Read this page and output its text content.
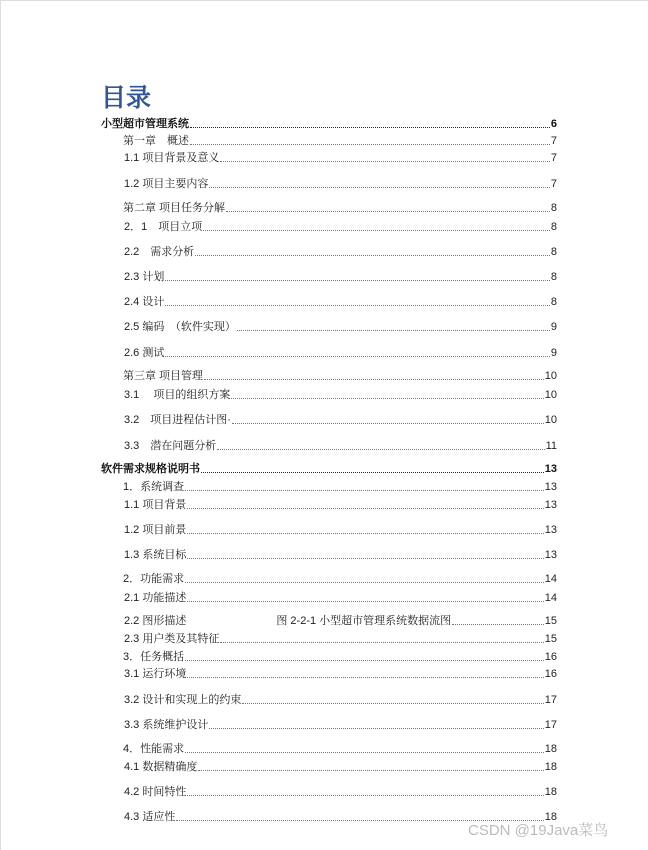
目录
小型超市管理系统	6
第一章　概述	7
1.1 项目背景及意义	7
1.2 项目主要内容	7
第二章 项目任务分解	8
2．1　项目立项	8
2.2　需求分析	8
2.3 计划	8
2.4 设计	8
2.5 编码　（软件实现）	9
2.6 测试	9
第三章 项目管理	10
3.1　 项目的组织方案	10
3.2　项目进程估计图·	10
3.3　潜在问题分析	11
软件需求规格说明书	13
1．系统调查	13
1.1 项目背景	13
1.2 项目前景	13
1.3 系统目标	13
2．功能需求	14
2.1 功能描述	14
2.2 图形描述	图 2-2-1 小型超市管理系统数据流图	15
2.3 用户类及其特征	15
3．任务概括	16
3.1 运行环境	16
3.2 设计和实现上的约束	17
3.3 系统维护设计	17
4．性能需求	18
4.1 数据精确度	18
4.2 时间特性	18
4.3 适应性	18
CSDN @19Java菜鸟
